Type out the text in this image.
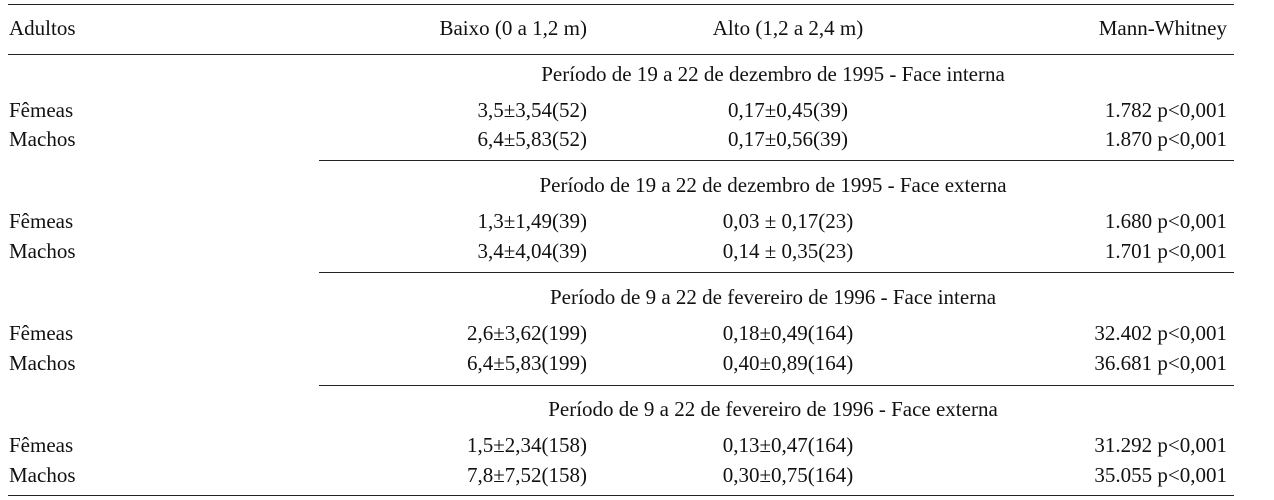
Adultos	Baixo (0 a 1,2 m)	Alto (1,2 a 2,4 m)	Mann-Whitney
Período de 19 a 22 de dezembro de 1995 - Face interna
Fêmeas	3,5±3,54(52)	0,17±0,45(39)	1.782 p<0,001
Machos	6,4±5,83(52)	0,17±0,56(39)	1.870 p<0,001
Período de 19 a 22 de dezembro de 1995 - Face externa
Fêmeas	1,3±1,49(39)	0,03 ± 0,17(23)	1.680 p<0,001
Machos	3,4±4,04(39)	0,14 ± 0,35(23)	1.701 p<0,001
Período de 9 a 22 de fevereiro de 1996 - Face interna
Fêmeas	2,6±3,62(199)	0,18±0,49(164)	32.402 p<0,001
Machos	6,4±5,83(199)	0,40±0,89(164)	36.681 p<0,001
Período de 9 a 22 de fevereiro de 1996 - Face externa
Fêmeas	1,5±2,34(158)	0,13±0,47(164)	31.292 p<0,001
Machos	7,8±7,52(158)	0,30±0,75(164)	35.055 p<0,001
